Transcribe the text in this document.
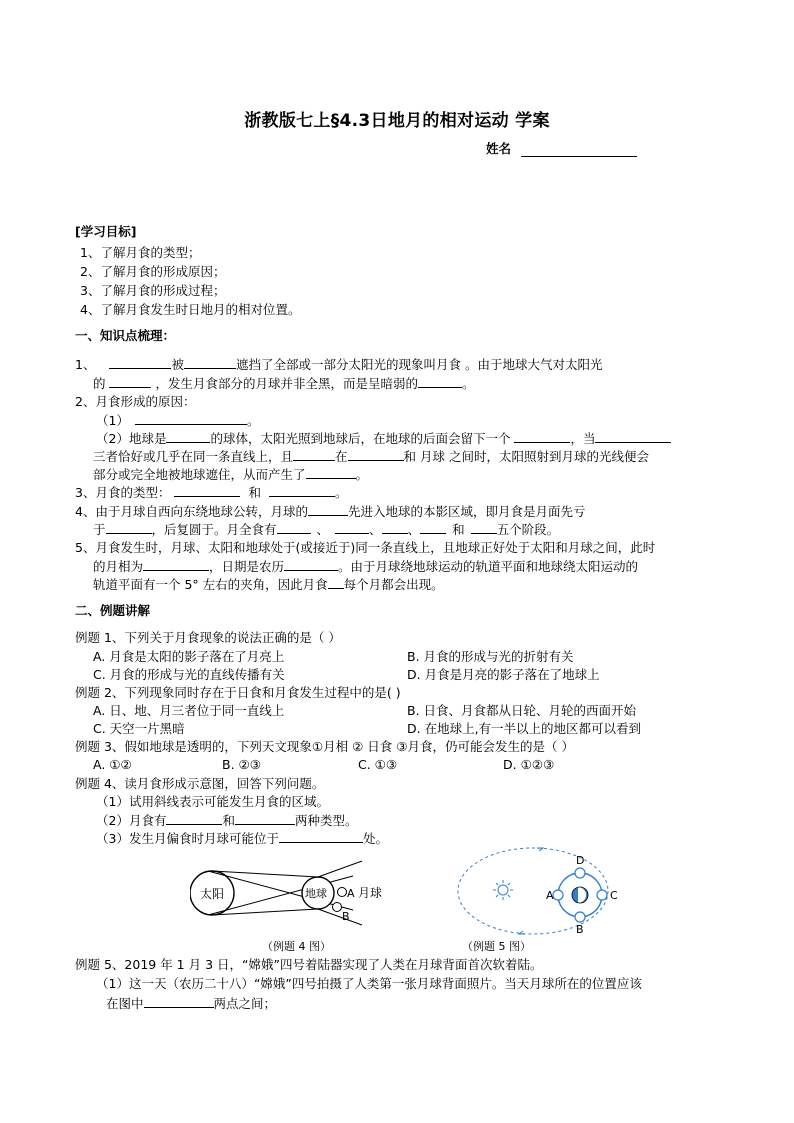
浙教版七上§4.3日地月的相对运动 学案
姓名
[学习目标]
1、了解月食的类型；
2、了解月食的形成原因；
3、了解月食的形成过程；
4、了解月食发生时日地月的相对位置。
一、知识点梳理：
1、	被	遮挡了全部或一部分太阳光的现象叫月食 。由于地球大气对太阳光
的	，发生月食部分的月球并非全黑，而是呈暗弱的	。
2、月食形成的原因：
（1）	。
（2）地球是	的球体，太阳光照到地球后，在地球的后面会留下一个	，当
三者恰好或几乎在同一条直线上，且	在	和 月球 之间时，太阳照射到月球的光线便会
部分或完全地被地球遮住，从而产生了	。
3、月食的类型：	和	。
4、由于月球自西向东绕地球公转，月球的	先进入地球的本影区域，即月食是月面先亏
于	，后复圆于。月全食有	、	、 、	和	五个阶段。
5、月食发生时，月球、太阳和地球处于(或接近于)同一条直线上，且地球正好处于太阳和月球之间，此时
的月相为	，日期是农历	。由于月球绕地球运动的轨道平面和地球绕太阳运动的
轨道平面有一个 5° 左右的夹角，因此月食 每个月都会出现。
二、例题讲解
例题 1、下列关于月食现象的说法正确的是（ ）
A. 月食是太阳的影子落在了月亮上	B. 月食的形成与光的折射有关
C. 月食的形成与光的直线传播有关	D. 月食是月亮的影子落在了地球上
例题 2、下列现象同时存在于日食和月食发生过程中的是( )
A. 日、地、月三者位于同一直线上	B. 日食、月食都从日轮、月轮的西面开始
C. 天空一片黑暗	D. 在地球上,有一半以上的地区都可以看到
例题 3、假如地球是透明的，下列天文现象①月相 ② 日食 ③月食，仍可能会发生的是（ ）
A. ①②	B. ②③	C. ①③	D. ①②③
例题 4、读月食形成示意图，回答下列问题。
（1）试用斜线表示可能发生月食的区域。
（2）月食有	和	两种类型。
（3）发生月偏食时月球可能位于	处。
太阳	地球 A 月球
B
（例题 4 图）
D
B
A	C
（例题 5 图）
例题 5、2019 年 1 月 3 日，“嫦娥”四号着陆器实现了人类在月球背面首次软着陆。
（1）这一天（农历二十八）“嫦娥”四号拍摄了人类第一张月球背面照片。当天月球所在的位置应该
在图中	两点之间；
